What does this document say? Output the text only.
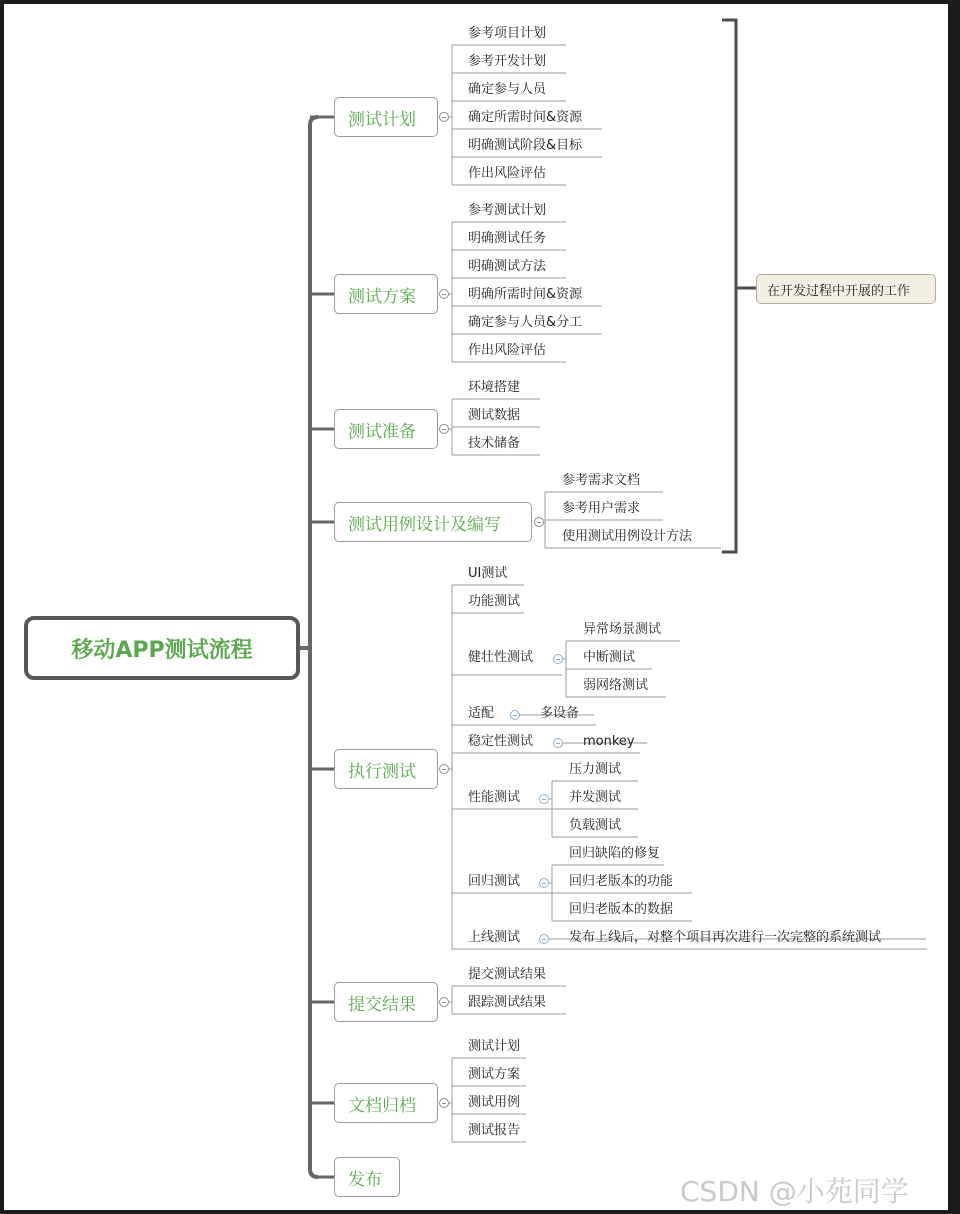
移动APP测试流程
测试计划
参考项目计划
参考开发计划
确定参与人员
确定所需时间&资源
明确测试阶段&目标
作出风险评估
测试方案
参考测试计划
明确测试任务
明确测试方法
明确所需时间&资源
确定参与人员&分工
作出风险评估
测试准备
环境搭建
测试数据
技术储备
测试用例设计及编写
参考需求文档
参考用户需求
使用测试用例设计方法
在开发过程中开展的工作
执行测试
UI测试
功能测试
健壮性测试
异常场景测试
中断测试
弱网络测试
适配	多设备
稳定性测试	monkey
性能测试
压力测试
并发测试
负载测试
回归测试
回归缺陷的修复
回归老版本的功能
回归老版本的数据
上线测试	发布上线后，对整个项目再次进行一次完整的系统测试
提交结果
提交测试结果
跟踪测试结果
文档归档
测试计划
测试方案
测试用例
测试报告
发布	CSDN @小苑同学
